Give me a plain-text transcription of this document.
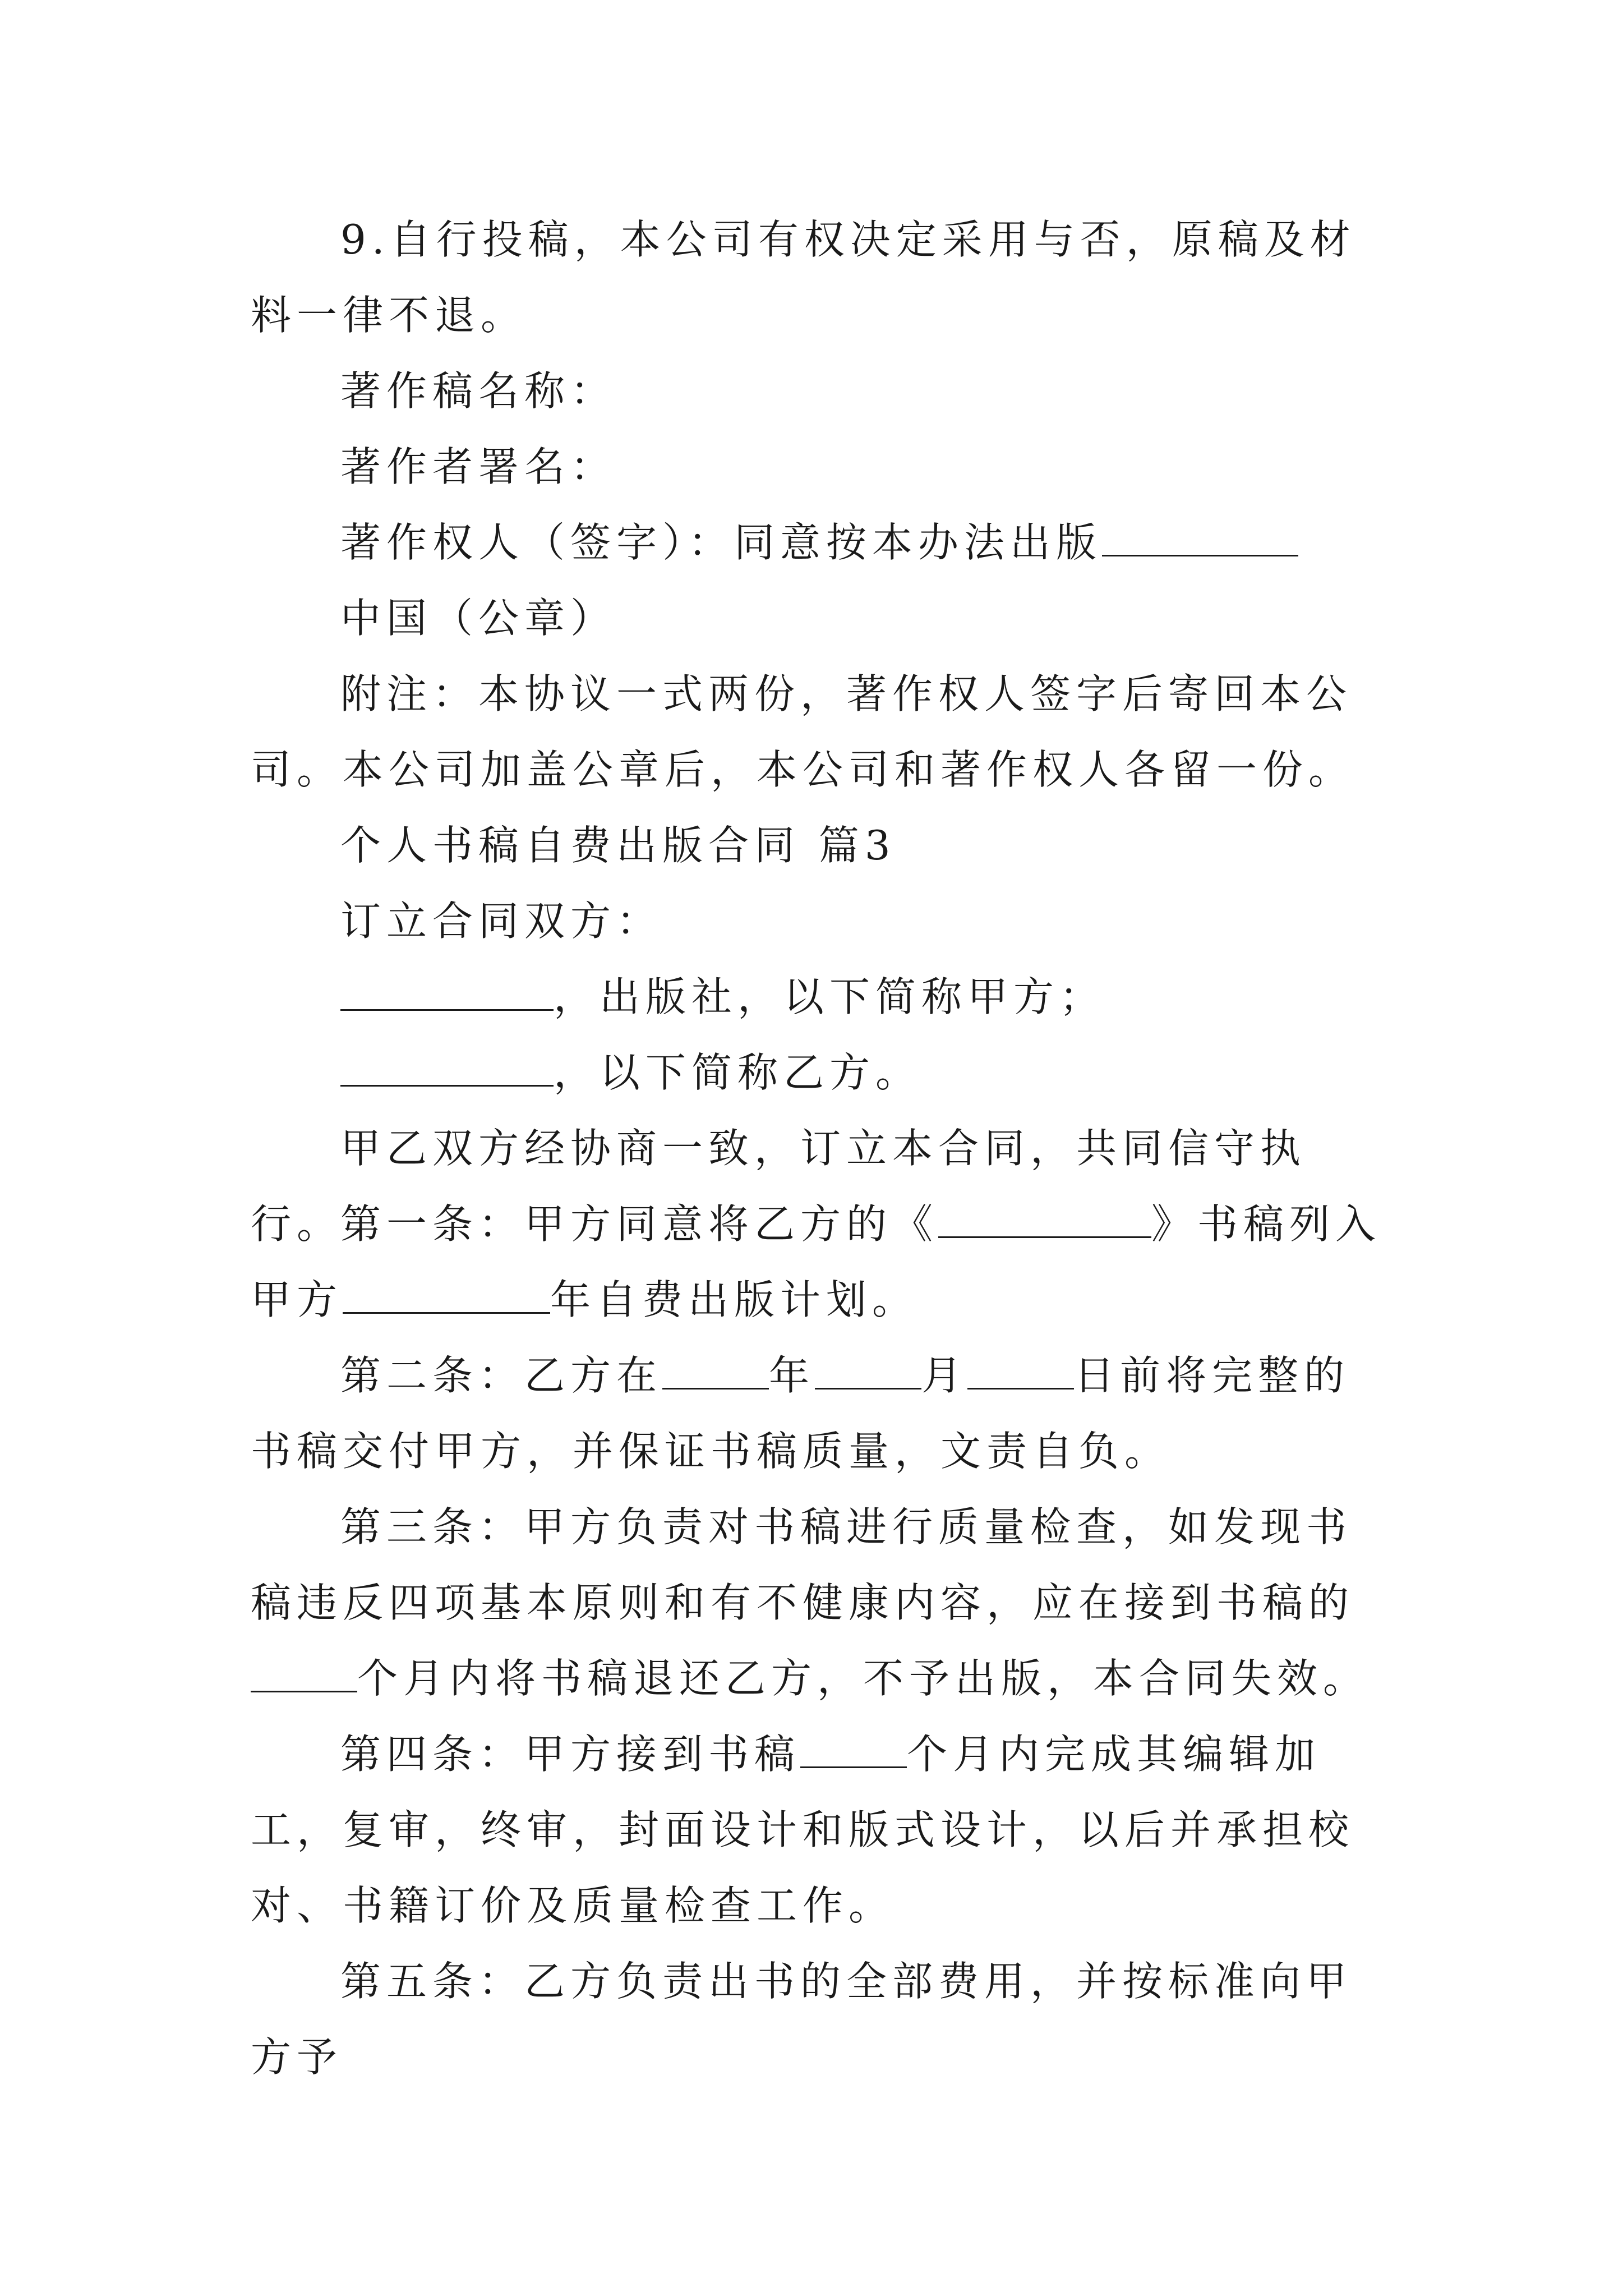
9.自行投稿，本公司有权决定采用与否，原稿及材料一律不退。

著作稿名称：

著作者署名：

著作权人（签字）：同意按本办法出版

中国（公章）

附注：本协议一式两份，著作权人签字后寄回本公司。本公司加盖公章后，本公司和著作权人各留一份。

个人书稿自费出版合同 篇3

订立合同双方：

，出版社，以下简称甲方；

，以下简称乙方。

甲乙双方经协商一致，订立本合同，共同信守执行。

第一条：甲方同意将乙方的《	》书稿列入甲方	年自费出版计划。

第二条：乙方在	年	月	日前将完整的书稿交付甲方，并保证书稿质量，文责自负。

第三条：甲方负责对书稿进行质量检查，如发现书稿违反四项基本原则和有不健康内容，应在接到书稿的个月内将书稿退还乙方，不予出版，本合同失效。

第四条：甲方接到书稿	个月内完成其编辑加工，复审，终审，封面设计和版式设计，以后并承担校对、书籍订价及质量检查工作。

第五条：乙方负责出书的全部费用，并按标准向甲方予
